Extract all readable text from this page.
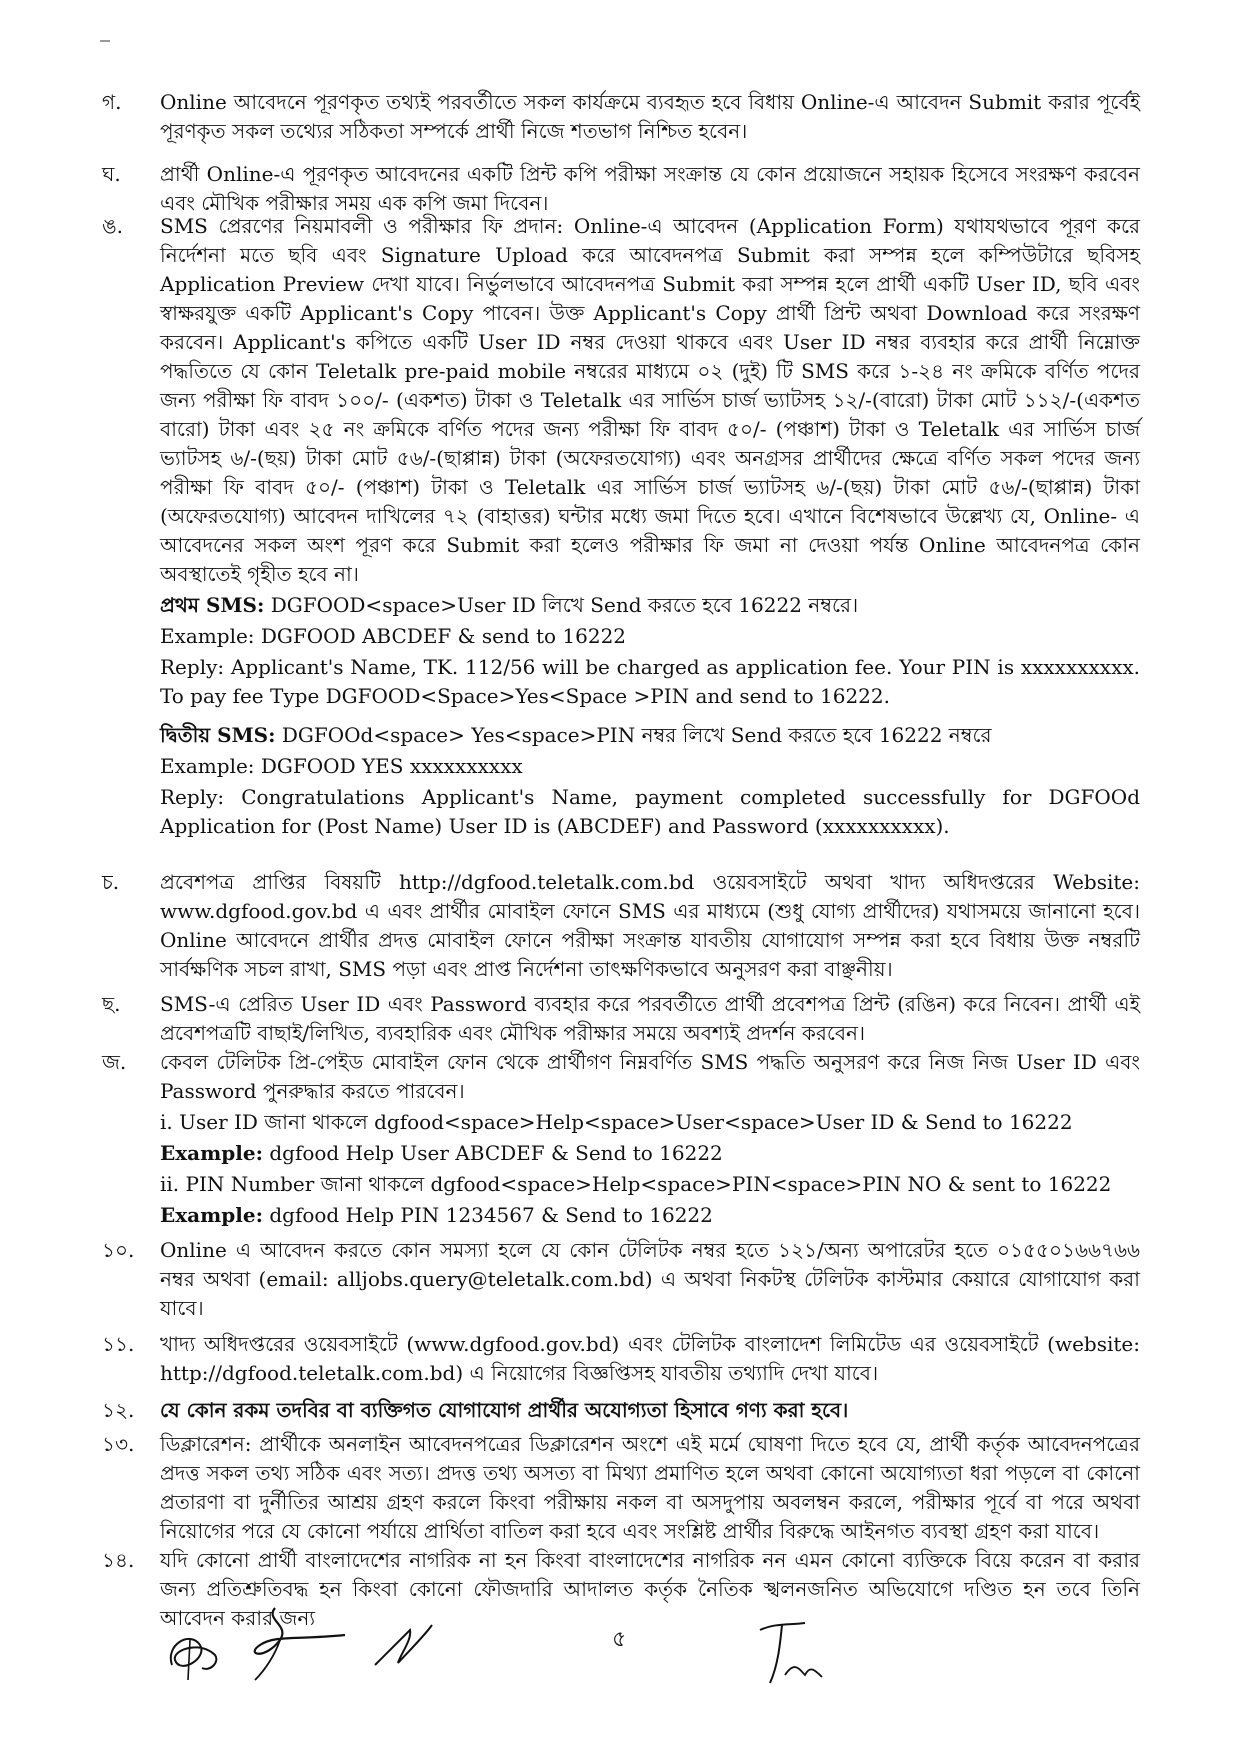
গ.	Online আবেদনে পূরণকৃত তথ্যই পরবর্তীতে সকল কার্যক্রমে ব্যবহৃত হবে বিধায় Online-এ আবেদন Submit করার পূর্বেই পূরণকৃত সকল তথ্যের সঠিকতা সম্পর্কে প্রার্থী নিজে শতভাগ নিশ্চিত হবেন।
ঘ.	প্রার্থী Online-এ পূরণকৃত আবেদনের একটি প্রিন্ট কপি পরীক্ষা সংক্রান্ত যে কোন প্রয়োজনে সহায়ক হিসেবে সংরক্ষণ করবেন এবং মৌখিক পরীক্ষার সময় এক কপি জমা দিবেন।
ঙ.	SMS প্রেরণের নিয়মাবলী ও পরীক্ষার ফি প্রদান: Online-এ আবেদন (Application Form) যথাযথভাবে পূরণ করে নির্দেশনা মতে ছবি এবং Signature Upload করে আবেদনপত্র Submit করা সম্পন্ন হলে কম্পিউটারে ছবিসহ Application Preview দেখা যাবে। নির্ভুলভাবে আবেদনপত্র Submit করা সম্পন্ন হলে প্রার্থী একটি User ID, ছবি এবং স্বাক্ষরযুক্ত একটি Applicant's Copy পাবেন। উক্ত Applicant's Copy প্রার্থী প্রিন্ট অথবা Download করে সংরক্ষণ করবেন। Applicant's কপিতে একটি User ID নম্বর দেওয়া থাকবে এবং User ID নম্বর ব্যবহার করে প্রার্থী নিম্নোক্ত পদ্ধতিতে যে কোন Teletalk pre-paid mobile নম্বরের মাধ্যমে ০২ (দুই) টি SMS করে ১-২৪ নং ক্রমিকে বর্ণিত পদের জন্য পরীক্ষা ফি বাবদ ১০০/- (একশত) টাকা ও Teletalk এর সার্ভিস চার্জ ভ্যাটসহ ১২/-(বারো) টাকা মোট ১১২/-(একশত বারো) টাকা এবং ২৫ নং ক্রমিকে বর্ণিত পদের জন্য পরীক্ষা ফি বাবদ ৫০/- (পঞ্চাশ) টাকা ও Teletalk এর সার্ভিস চার্জ ভ্যাটসহ ৬/-(ছয়) টাকা মোট ৫৬/-(ছাপ্পান্ন) টাকা (অফেরতযোগ্য) এবং অনগ্রসর প্রার্থীদের ক্ষেত্রে বর্ণিত সকল পদের জন্য পরীক্ষা ফি বাবদ ৫০/- (পঞ্চাশ) টাকা ও Teletalk এর সার্ভিস চার্জ ভ্যাটসহ ৬/-(ছয়) টাকা মোট ৫৬/-(ছাপ্পান্ন) টাকা (অফেরতযোগ্য) আবেদন দাখিলের ৭২ (বাহাত্তর) ঘন্টার মধ্যে জমা দিতে হবে। এখানে বিশেষভাবে উল্লেখ্য যে, Online- এ আবেদনের সকল অংশ পূরণ করে Submit করা হলেও পরীক্ষার ফি জমা না দেওয়া পর্যন্ত Online আবেদনপত্র কোন অবস্থাতেই গৃহীত হবে না।
প্রথম SMS: DGFOOD<space>User ID লিখে Send করতে হবে 16222 নম্বরে।
Example: DGFOOD ABCDEF & send to 16222
Reply: Applicant's Name, TK. 112/56 will be charged as application fee. Your PIN is xxxxxxxxxx. To pay fee Type DGFOOD<Space>Yes<Space >PIN and send to 16222.
দ্বিতীয় SMS: DGFOOd<space> Yes<space>PIN নম্বর লিখে Send করতে হবে 16222 নম্বরে
Example: DGFOOD YES xxxxxxxxxx
Reply: Congratulations Applicant's Name, payment completed successfully for DGFOOd Application for (Post Name) User ID is (ABCDEF) and Password (xxxxxxxxxx).
চ.	প্রবেশপত্র প্রাপ্তির বিষয়টি http://dgfood.teletalk.com.bd ওয়েবসাইটে অথবা খাদ্য অধিদপ্তরের Website: www.dgfood.gov.bd এ এবং প্রার্থীর মোবাইল ফোনে SMS এর মাধ্যমে (শুধু যোগ্য প্রার্থীদের) যথাসময়ে জানানো হবে। Online আবেদনে প্রার্থীর প্রদত্ত মোবাইল ফোনে পরীক্ষা সংক্রান্ত যাবতীয় যোগাযোগ সম্পন্ন করা হবে বিধায় উক্ত নম্বরটি সার্বক্ষণিক সচল রাখা, SMS পড়া এবং প্রাপ্ত নির্দেশনা তাৎক্ষণিকভাবে অনুসরণ করা বাঞ্ছনীয়।
ছ.	SMS-এ প্রেরিত User ID এবং Password ব্যবহার করে পরবর্তীতে প্রার্থী প্রবেশপত্র প্রিন্ট (রঙিন) করে নিবেন। প্রার্থী এই প্রবেশপত্রটি বাছাই/লিখিত, ব্যবহারিক এবং মৌখিক পরীক্ষার সময়ে অবশ্যই প্রদর্শন করবেন।
জ.	কেবল টেলিটক প্রি-পেইড মোবাইল ফোন থেকে প্রার্থীগণ নিম্নবর্ণিত SMS পদ্ধতি অনুসরণ করে নিজ নিজ User ID এবং Password পুনরুদ্ধার করতে পারবেন।
i. User ID জানা থাকলে dgfood<space>Help<space>User<space>User ID & Send to 16222
Example: dgfood Help User ABCDEF & Send to 16222
ii. PIN Number জানা থাকলে dgfood<space>Help<space>PIN<space>PIN NO & sent to 16222
Example: dgfood Help PIN 1234567 & Send to 16222
১০.	Online এ আবেদন করতে কোন সমস্যা হলে যে কোন টেলিটক নম্বর হতে ১২১/অন্য অপারেটর হতে ০১৫৫০১৬৬৭৬৬ নম্বর অথবা (email: alljobs.query@teletalk.com.bd) এ অথবা নিকটস্থ টেলিটক কাস্টমার কেয়ারে যোগাযোগ করা যাবে।
১১.	খাদ্য অধিদপ্তরের ওয়েবসাইটে (www.dgfood.gov.bd) এবং টেলিটক বাংলাদেশ লিমিটেড এর ওয়েবসাইটে (website: http://dgfood.teletalk.com.bd) এ নিয়োগের বিজ্ঞপ্তিসহ যাবতীয় তথ্যাদি দেখা যাবে।
১২.	যে কোন রকম তদবির বা ব্যক্তিগত যোগাযোগ প্রার্থীর অযোগ্যতা হিসাবে গণ্য করা হবে।
১৩.	ডিক্লারেশন: প্রার্থীকে অনলাইন আবেদনপত্রের ডিক্লারেশন অংশে এই মর্মে ঘোষণা দিতে হবে যে, প্রার্থী কর্তৃক আবেদনপত্রের প্রদত্ত সকল তথ্য সঠিক এবং সত্য। প্রদত্ত তথ্য অসত্য বা মিথ্যা প্রমাণিত হলে অথবা কোনো অযোগ্যতা ধরা পড়লে বা কোনো প্রতারণা বা দুর্নীতির আশ্রয় গ্রহণ করলে কিংবা পরীক্ষায় নকল বা অসদুপায় অবলম্বন করলে, পরীক্ষার পূর্বে বা পরে অথবা নিয়োগের পরে যে কোনো পর্যায়ে প্রার্থিতা বাতিল করা হবে এবং সংশ্লিষ্ট প্রার্থীর বিরুদ্ধে আইনগত ব্যবস্থা গ্রহণ করা যাবে।
১৪.	যদি কোনো প্রার্থী বাংলাদেশের নাগরিক না হন কিংবা বাংলাদেশের নাগরিক নন এমন কোনো ব্যক্তিকে বিয়ে করেন বা করার জন্য প্রতিশ্রুতিবদ্ধ হন কিংবা কোনো ফৌজদারি আদালত কর্তৃক নৈতিক স্খলনজনিত অভিযোগে দণ্ডিত হন তবে তিনি আবেদন করার জন্য
৫
